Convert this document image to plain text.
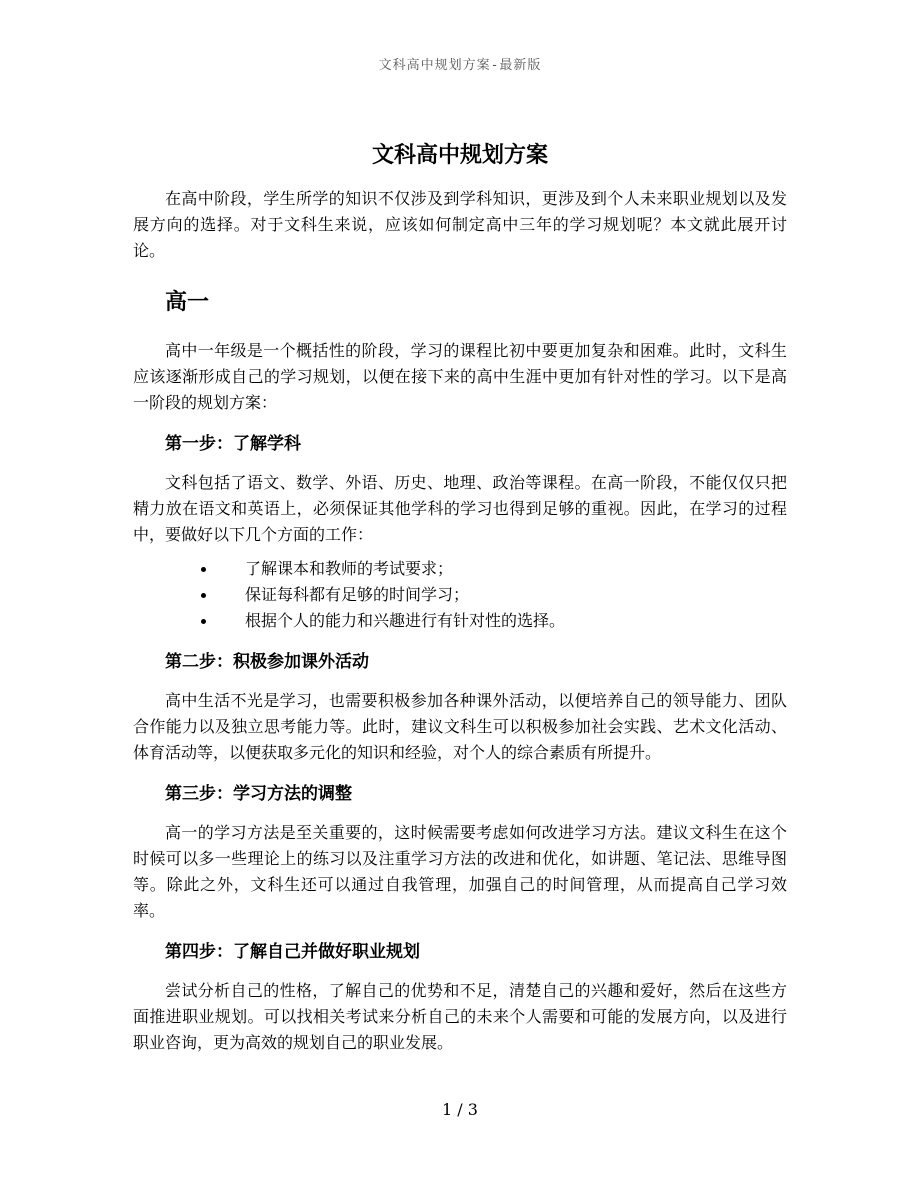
文科高中规划方案-最新版
文科高中规划方案

在高中阶段，学生所学的知识不仅涉及到学科知识，更涉及到个人未来职业规划以及发展方向的选择。对于文科生来说，应该如何制定高中三年的学习规划呢？本文就此展开讨论。

高一

高中一年级是一个概括性的阶段，学习的课程比初中要更加复杂和困难。此时，文科生应该逐渐形成自己的学习规划，以便在接下来的高中生涯中更加有针对性的学习。以下是高一阶段的规划方案：

第一步：了解学科

文科包括了语文、数学、外语、历史、地理、政治等课程。在高一阶段，不能仅仅只把精力放在语文和英语上，必须保证其他学科的学习也得到足够的重视。因此，在学习的过程中，要做好以下几个方面的工作：

了解课本和教师的考试要求；
保证每科都有足够的时间学习；
根据个人的能力和兴趣进行有针对性的选择。
第二步：积极参加课外活动

高中生活不光是学习，也需要积极参加各种课外活动，以便培养自己的领导能力、团队合作能力以及独立思考能力等。此时，建议文科生可以积极参加社会实践、艺术文化活动、体育活动等，以便获取多元化的知识和经验，对个人的综合素质有所提升。

第三步：学习方法的调整

高一的学习方法是至关重要的，这时候需要考虑如何改进学习方法。建议文科生在这个时候可以多一些理论上的练习以及注重学习方法的改进和优化，如讲题、笔记法、思维导图等。除此之外，文科生还可以通过自我管理，加强自己的时间管理，从而提高自己学习效率。

第四步：了解自己并做好职业规划

尝试分析自己的性格，了解自己的优势和不足，清楚自己的兴趣和爱好，然后在这些方面推进职业规划。可以找相关考试来分析自己的未来个人需要和可能的发展方向，以及进行职业咨询，更为高效的规划自己的职业发展。

1 / 3
